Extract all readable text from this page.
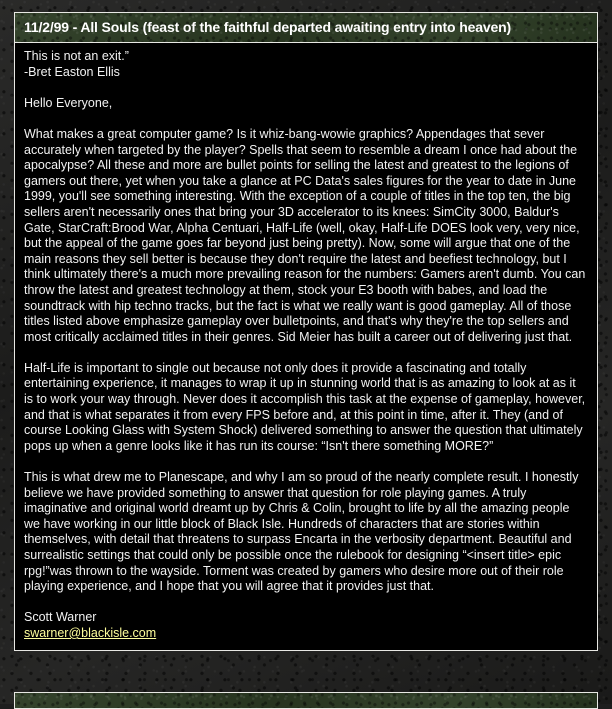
11/2/99 - All Souls (feast of the faithful departed awaiting entry into heaven)
This is not an exit.”
-Bret Easton Ellis

Hello Everyone,

What makes a great computer game? Is it whiz-bang-wowie graphics? Appendages that sever accurately when targeted by the player? Spells that seem to resemble a dream I once had about the apocalypse? All these and more are bullet points for selling the latest and greatest to the legions of gamers out there, yet when you take a glance at PC Data's sales figures for the year to date in June 1999, you'll see something interesting. With the exception of a couple of titles in the top ten, the big sellers aren't necessarily ones that bring your 3D accelerator to its knees: SimCity 3000, Baldur's Gate, StarCraft:Brood War, Alpha Centuari, Half-Life (well, okay, Half-Life DOES look very, very nice, but the appeal of the game goes far beyond just being pretty). Now, some will argue that one of the main reasons they sell better is because they don't require the latest and beefiest technology, but I think ultimately there's a much more prevailing reason for the numbers: Gamers aren't dumb. You can throw the latest and greatest technology at them, stock your E3 booth with babes, and load the soundtrack with hip techno tracks, but the fact is what we really want is good gameplay. All of those titles listed above emphasize gameplay over bulletpoints, and that's why they're the top sellers and most critically acclaimed titles in their genres. Sid Meier has built a career out of delivering just that.

Half-Life is important to single out because not only does it provide a fascinating and totally entertaining experience, it manages to wrap it up in stunning world that is as amazing to look at as it is to work your way through. Never does it accomplish this task at the expense of gameplay, however, and that is what separates it from every FPS before and, at this point in time, after it. They (and of course Looking Glass with System Shock) delivered something to answer the question that ultimately pops up when a genre looks like it has run its course: “Isn't there something MORE?”

This is what drew me to Planescape, and why I am so proud of the nearly complete result. I honestly believe we have provided something to answer that question for role playing games. A truly imaginative and original world dreamt up by Chris & Colin, brought to life by all the amazing people we have working in our little block of Black Isle. Hundreds of characters that are stories within themselves, with detail that threatens to surpass Encarta in the verbosity department. Beautiful and surrealistic settings that could only be possible once the rulebook for designing “<insert title> epic rpg!”was thrown to the wayside. Torment was created by gamers who desire more out of their role playing experience, and I hope that you will agree that it provides just that.

Scott Warner
swarner@blackisle.com
